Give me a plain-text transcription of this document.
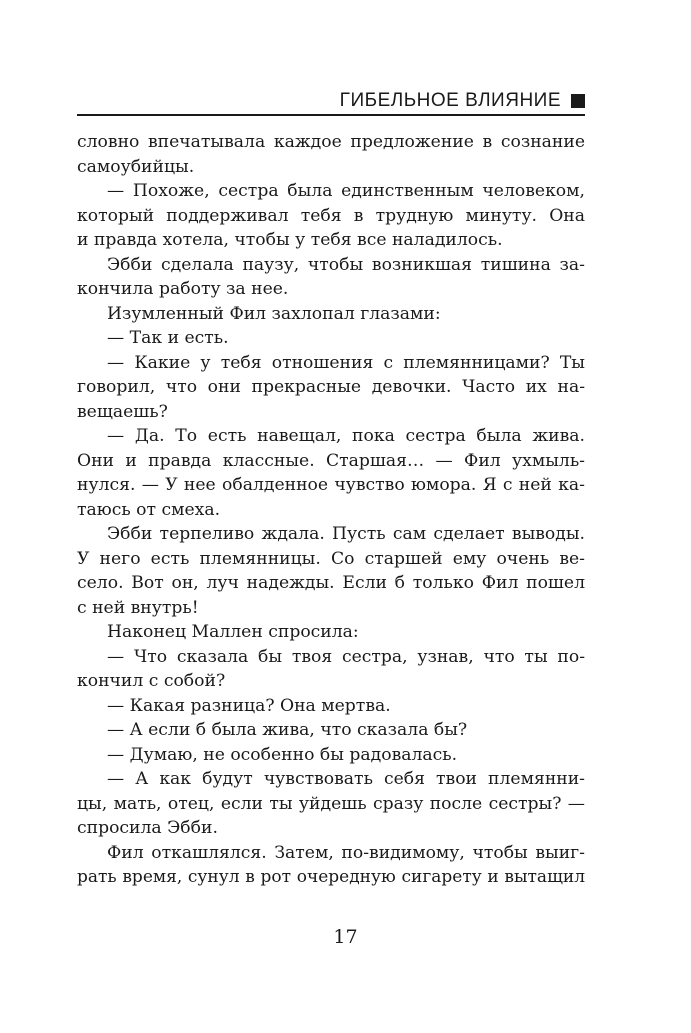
ГИБЕЛЬНОЕ ВЛИЯНИЕ
словно впечатывала каждое предложение в сознание
самоубийцы.
— Похоже, сестра была единственным человеком,
который поддерживал тебя в трудную минуту. Она
и правда хотела, чтобы у тебя все наладилось.
Эбби сделала паузу, чтобы возникшая тишина за-
кончила работу за нее.
Изумленный Фил захлопал глазами:
— Так и есть.
— Какие у тебя отношения с племянницами? Ты
говорил, что они прекрасные девочки. Часто их на-
вещаешь?
— Да. То есть навещал, пока сестра была жива.
Они и правда классные. Старшая… — Фил ухмыль-
нулся. — У нее обалденное чувство юмора. Я с ней ка-
таюсь от смеха.
Эбби терпеливо ждала. Пусть сам сделает выводы.
У него есть племянницы. Со старшей ему очень ве-
село. Вот он, луч надежды. Если б только Фил пошел
с ней внутрь!
Наконец Маллен спросила:
— Что сказала бы твоя сестра, узнав, что ты по-
кончил с собой?
— Какая разница? Она мертва.
— А если б была жива, что сказала бы?
— Думаю, не особенно бы радовалась.
— А как будут чувствовать себя твои племянни-
цы, мать, отец, если ты уйдешь сразу после сестры? —
спросила Эбби.
Фил откашлялся. Затем, по-видимому, чтобы выиг-
рать время, сунул в рот очередную сигарету и вытащил
17
